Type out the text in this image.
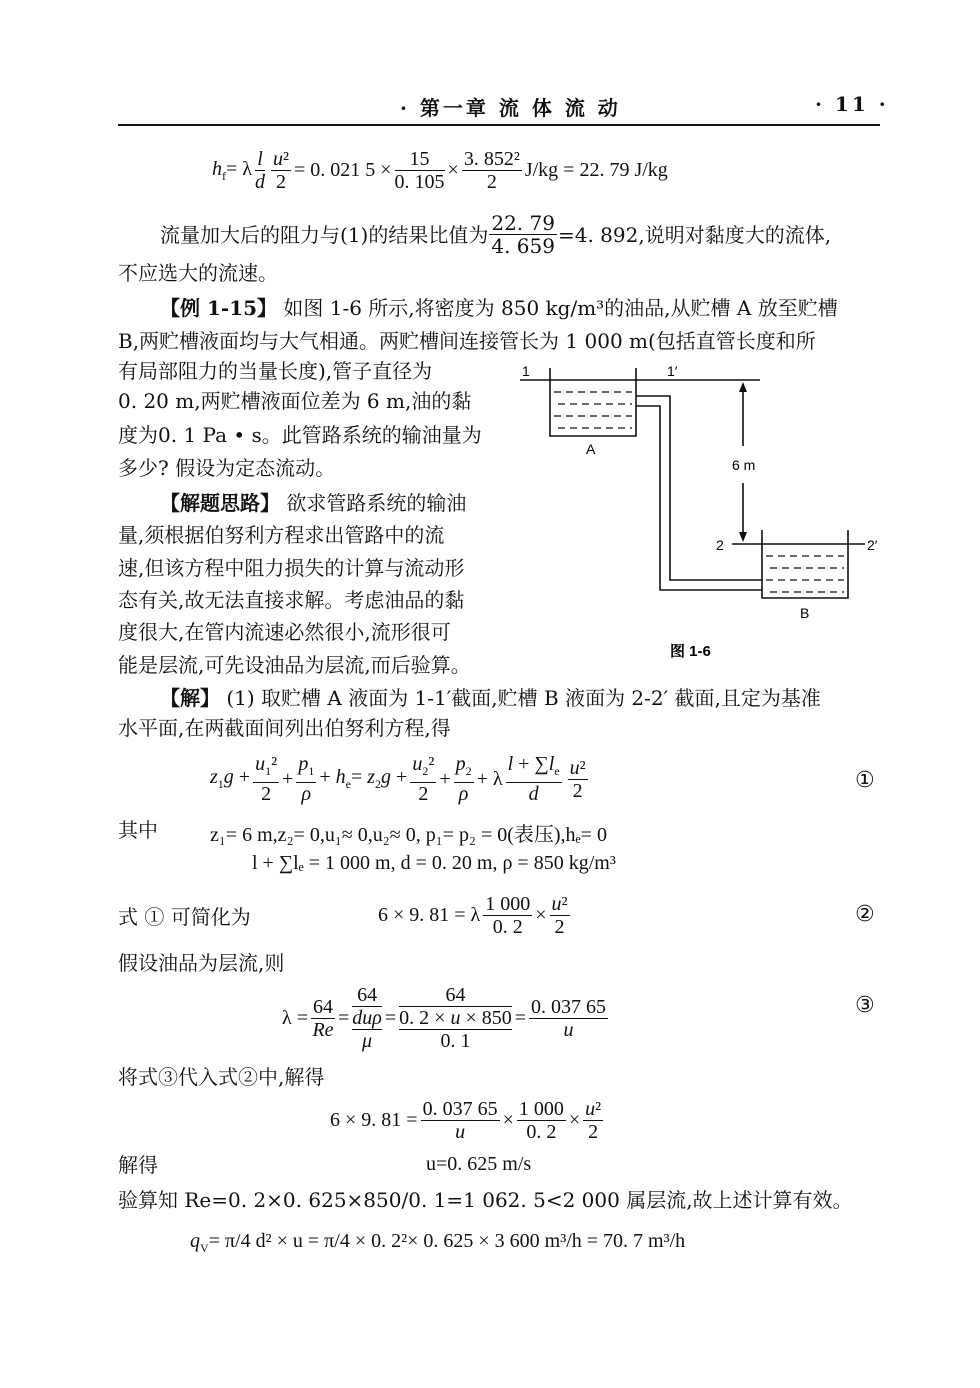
· 第一章 流 体 流 动	· 11 ·
$h_f= \lambda \frac{l}{d} \frac{\text{u²}}{2} = 0$. 021 $5 \times \frac{15}{0. 105} \times \frac{\text{3. 852²}}{2} J/kg = 22$. 79 J/kg
流量加大后的阻力与(1)的结果比值为 $\frac{22. 79}{4. 659} =4$. 892,说明对黏度大的流体,
不应选大的流速。
【例 1-15】 如图 1-6 所示,将密度为 850 kg/m³的油品,从贮槽 A 放至贮槽
B,两贮槽液面均与大气相通。两贮槽间连接管长为 1 000 m(包括直管长度和所
有局部阻力的当量长度),管子直径为
0. 20 m,两贮槽液面位差为 6 m,油的黏
度为0. 1 Pa • s。此管路系统的输油量为
多少? 假设为定态流动。
【解题思路】 欲求管路系统的输油
量,须根据伯努利方程求出管路中的流
速,但该方程中阻力损失的计算与流动形
态有关,故无法直接求解。考虑油品的黏
度很大,在管内流速必然很小,流形很可
能是层流,可先设油品为层流,而后验算。
1	1′
A
6 m
2	2′
B
图 1-6
【解】 (1) 取贮槽 A 液面为 1-1′截面,贮槽 B 液面为 2-2′ 截面,且定为基准
水平面,在两截面间列出伯努利方程,得
$z_1g + \frac{u_1^2}{2} + \frac{p_1}{\rho} + h_e= z_2g + \frac{u_2^2}{2} + \frac{p_2}{\rho} + \lambda \frac{l + \sum l_e}{d} \frac{\text{u²}}{2}$	①
其中	z₁= 6 m,z₂= 0,u₁≈ 0,u₂≈ 0, p₁= p₂ = 0(表压),hₑ= 0
l + ∑lₑ = 1 000 m, d = 0. 20 m, ρ = 850 kg/m³
式 ① 可简化为	6 × 9. 81 = λ $\frac{1 000}{0. 2} \times \frac{\text{u²}}{2}$	②
假设油品为层流,则
$\lambda = \frac{64}{Re} = 64$
duρ
μ = 64
0. 2 × u × 850
0. $1 = \frac{0. 037 65}{u}$	③
将式③代入式②中,解得
6 × 9. $81 = \frac{0. 037 65}{u} \times \frac{1 000}{0. 2} \times \frac{\text{u²}}{2}$
解得	u=0. 625 m/s
验算知 Re=0. 2×0. 625×850/0. 1=1 062. 5<2 000 属层流,故上述计算有效。
$q_V= \pi/4$ d² × u = π/4 × 0. 2²× 0. 625 × 3 600 m³/h = 70. 7 m³/h
